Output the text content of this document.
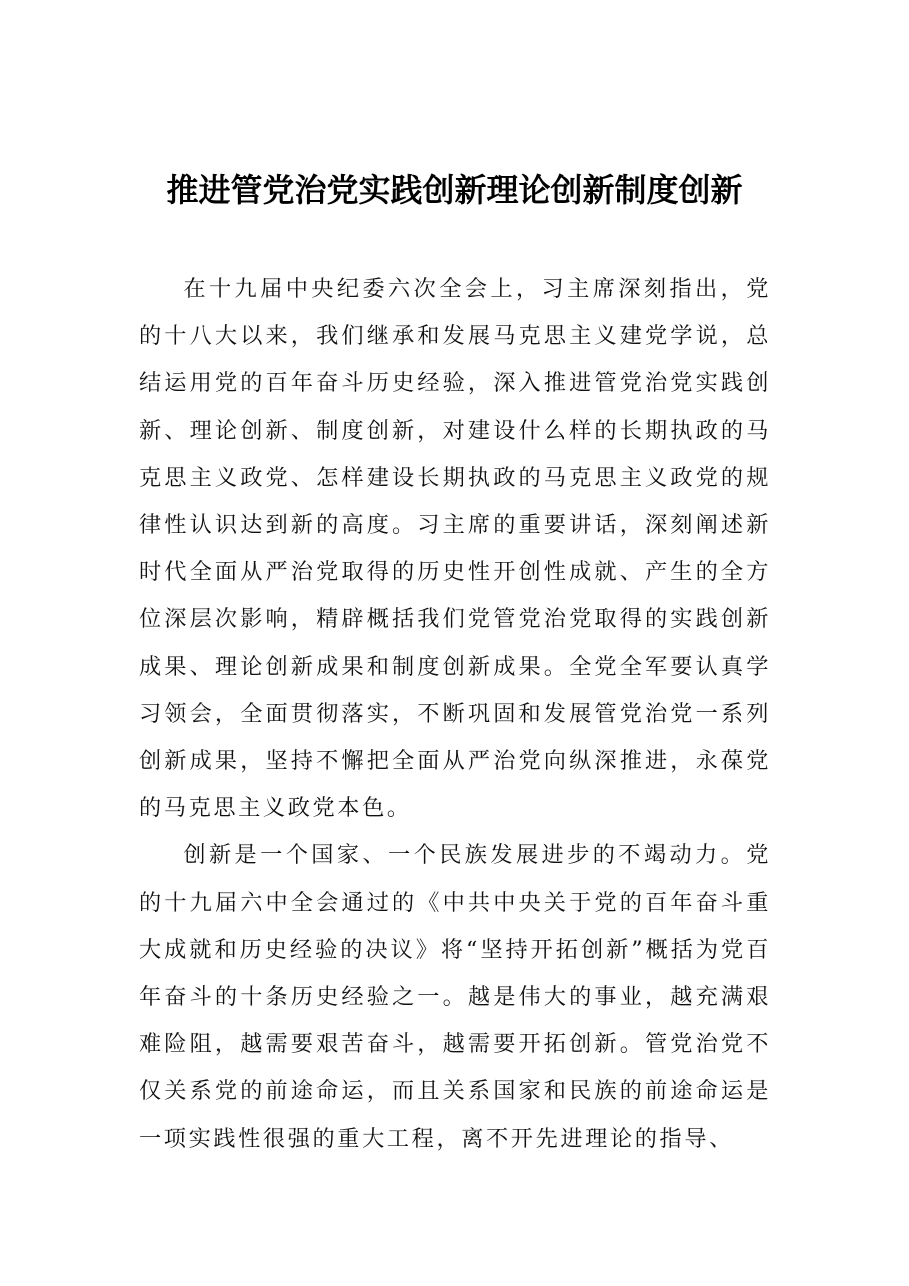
推进管党治党实践创新理论创新制度创新

在十九届中央纪委六次全会上，习主席深刻指出，党的十八大以来，我们继承和发展马克思主义建党学说，总结运用党的百年奋斗历史经验，深入推进管党治党实践创新、理论创新、制度创新，对建设什么样的长期执政的马克思主义政党、怎样建设长期执政的马克思主义政党的规律性认识达到新的高度。习主席的重要讲话，深刻阐述新时代全面从严治党取得的历史性开创性成就、产生的全方位深层次影响，精辟概括我们党管党治党取得的实践创新成果、理论创新成果和制度创新成果。全党全军要认真学习领会，全面贯彻落实，不断巩固和发展管党治党一系列创新成果，坚持不懈把全面从严治党向纵深推进，永葆党的马克思主义政党本色。

创新是一个国家、一个民族发展进步的不竭动力。党的十九届六中全会通过的《中共中央关于党的百年奋斗重大成就和历史经验的决议》将“坚持开拓创新”概括为党百年奋斗的十条历史经验之一。越是伟大的事业，越充满艰难险阻，越需要艰苦奋斗，越需要开拓创新。管党治党不仅关系党的前途命运，而且关系国家和民族的前途命运是一项实践性很强的重大工程，离不开先进理论的指导、
